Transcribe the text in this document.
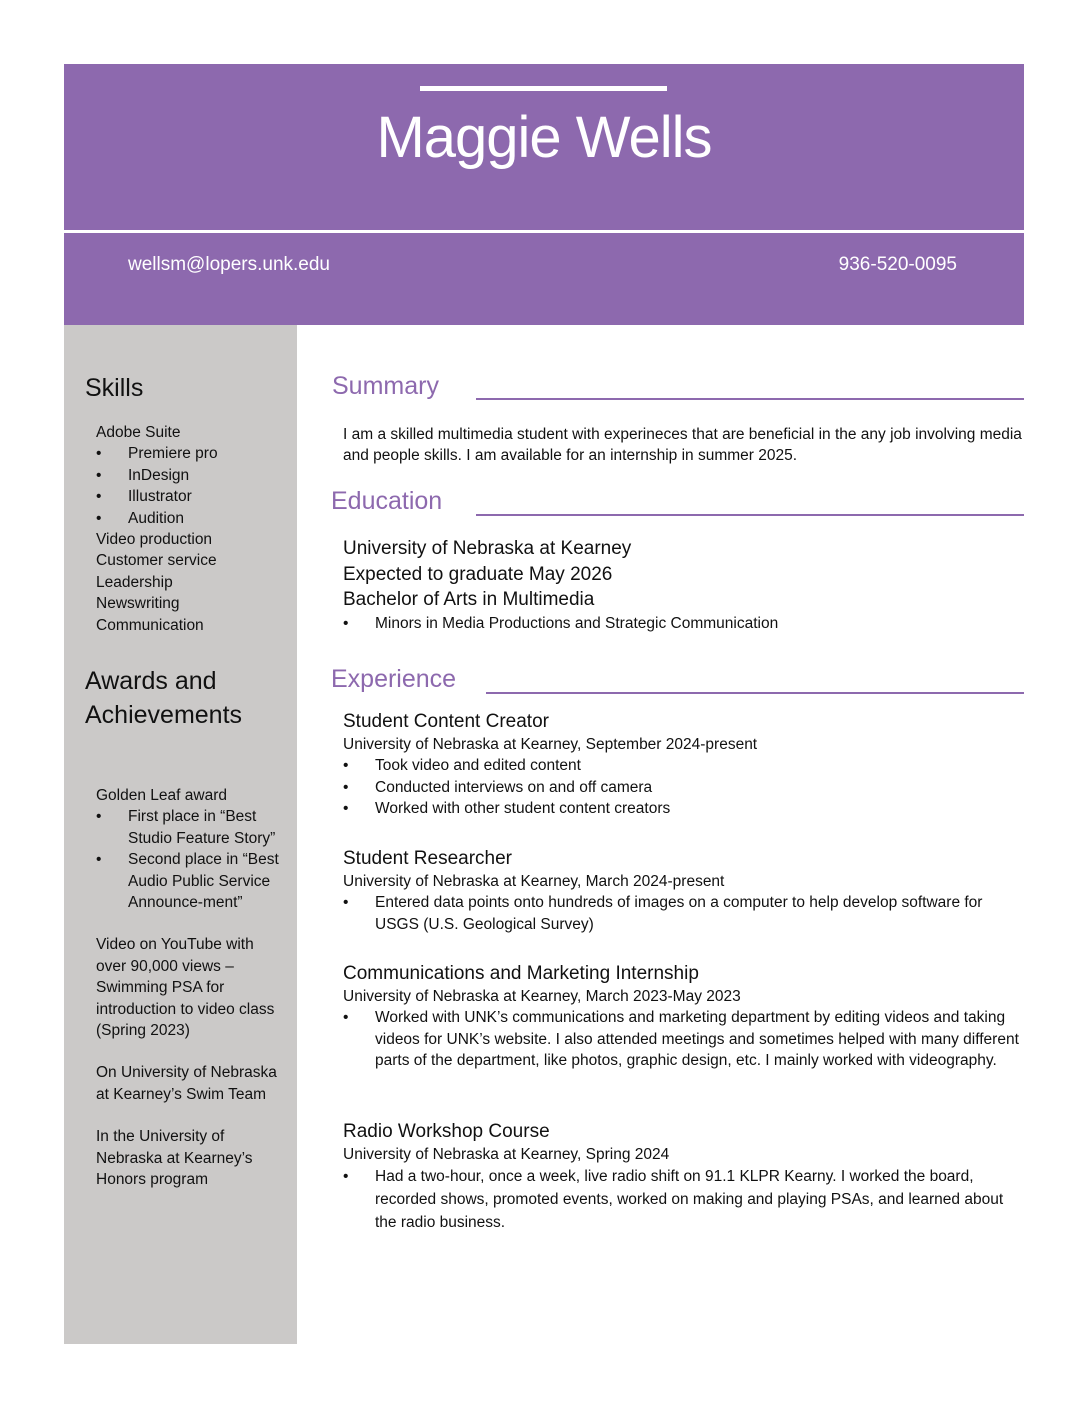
Maggie Wells
wellsm@lopers.unk.edu	936-520-0095
Skills
Adobe Suite
• Premiere pro
• InDesign
• Illustrator
• Audition
Video production
Customer service
Leadership
Newswriting
Communication
Awards and
Achievements
Golden Leaf award
• First place in “Best Studio Feature Story”
• Second place in “Best Audio Public Service Announce-ment”
Video on YouTube with over 90,000 views – Swimming PSA for introduction to video class (Spring 2023)
On University of Nebraska at Kearney’s Swim Team
In the University of Nebraska at Kearney’s Honors program
Summary
I am a skilled multimedia student with experineces that are beneficial in the any job involving media and people skills. I am available for an internship in summer 2025.
Education
University of Nebraska at Kearney
Expected to graduate May 2026
Bachelor of Arts in Multimedia
• Minors in Media Productions and Strategic Communication
Experience
Student Content Creator
University of Nebraska at Kearney, September 2024-present
• Took video and edited content
• Conducted interviews on and off camera
• Worked with other student content creators
Student Researcher
University of Nebraska at Kearney, March 2024-present
• Entered data points onto hundreds of images on a computer to help develop software for USGS (U.S. Geological Survey)
Communications and Marketing Internship
University of Nebraska at Kearney, March 2023-May 2023
• Worked with UNK’s communications and marketing department by editing videos and taking videos for UNK’s website. I also attended meetings and sometimes helped with many different parts of the department, like photos, graphic design, etc. I mainly worked with videography.
Radio Workshop Course
University of Nebraska at Kearney, Spring 2024
• Had a two-hour, once a week, live radio shift on 91.1 KLPR Kearny. I worked the board, recorded shows, promoted events, worked on making and playing PSAs, and learned about the radio business.
